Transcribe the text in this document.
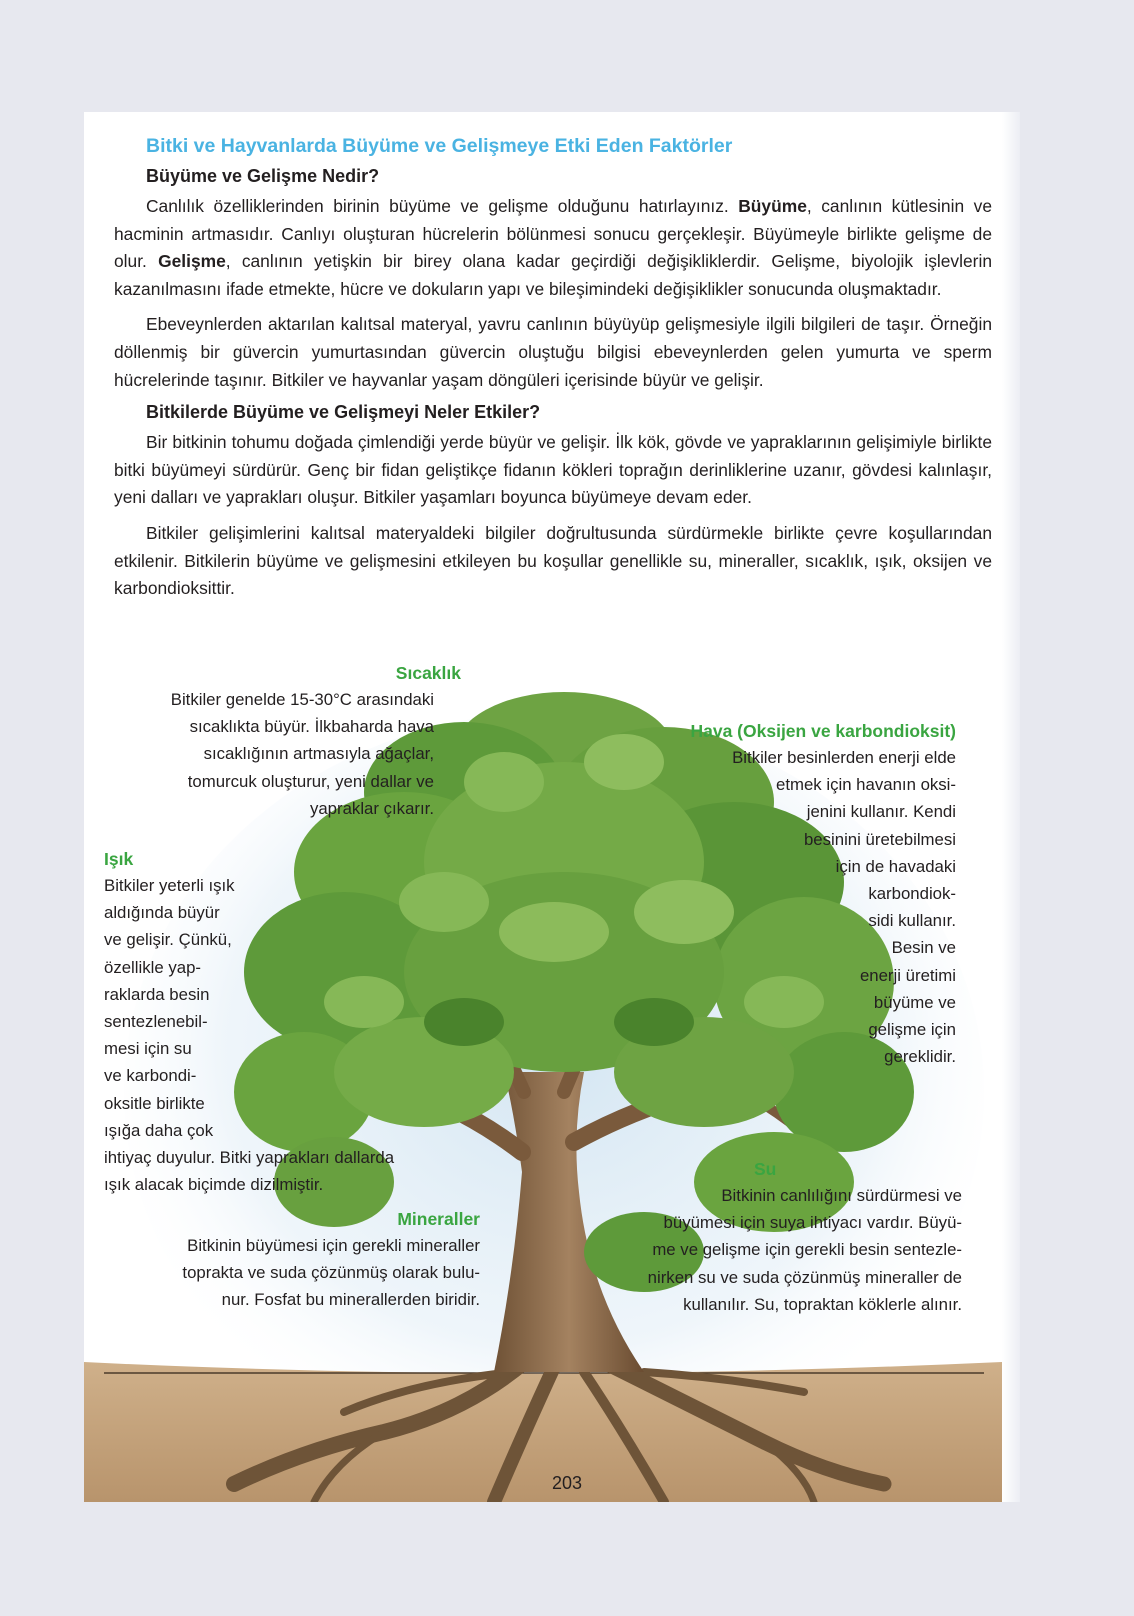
Bitki ve Hayvanlarda Büyüme ve Gelişmeye Etki Eden Faktörler
Büyüme ve Gelişme Nedir?

Canlılık özelliklerinden birinin büyüme ve gelişme olduğunu hatırlayınız. Büyüme, canlının kütlesinin ve hacminin artmasıdır. Canlıyı oluşturan hücrelerin bölünmesi sonucu gerçekleşir. Büyümeyle birlikte gelişme de olur. Gelişme, canlının yetişkin bir birey olana kadar geçirdiği değişikliklerdir. Gelişme, biyolojik işlevlerin kazanılmasını ifade etmekte, hücre ve dokuların yapı ve bileşimindeki değişiklikler sonucunda oluşmaktadır.

Ebeveynlerden aktarılan kalıtsal materyal, yavru canlının büyüyüp gelişmesiyle ilgili bilgileri de taşır. Örneğin döllenmiş bir güvercin yumurtasından güvercin oluştuğu bilgisi ebeveynlerden gelen yumurta ve sperm hücrelerinde taşınır. Bitkiler ve hayvanlar yaşam döngüleri içerisinde büyür ve gelişir.

Bitkilerde Büyüme ve Gelişmeyi Neler Etkiler?

Bir bitkinin tohumu doğada çimlendiği yerde büyür ve gelişir. İlk kök, gövde ve yapraklarının gelişimiyle birlikte bitki büyümeyi sürdürür. Genç bir fidan geliştikçe fidanın kökleri toprağın derinliklerine uzanır, gövdesi kalınlaşır, yeni dalları ve yaprakları oluşur. Bitkiler yaşamları boyunca büyümeye devam eder.

Bitkiler gelişimlerini kalıtsal materyaldeki bilgiler doğrultusunda sürdürmekle birlikte çevre koşullarından etkilenir. Bitkilerin büyüme ve gelişmesini etkileyen bu koşullar genellikle su, mineraller, sıcaklık, ışık, oksijen ve karbondioksittir.

Sıcaklık
Bitkiler genelde 15-30°C arasındaki
sıcaklıkta büyür. İlkbaharda hava
sıcaklığının artmasıyla ağaçlar,
tomurcuk oluşturur, yeni dallar ve
yapraklar çıkarır.
Hava (Oksijen ve karbondioksit)
Bitkiler besinlerden enerji elde
etmek için havanın oksi-
jenini kullanır. Kendi
besinini üretebilmesi
için de havadaki
karbondiok-
sidi kullanır.
Besin ve
enerji üretimi
büyüme ve
gelişme için
gereklidir.
Işık
Bitkiler yeterli ışık
aldığında büyür
ve gelişir. Çünkü,
özellikle yap-
raklarda besin
sentezlenebil-
mesi için su
ve karbondi-
oksitle birlikte
ışığa daha çok
ihtiyaç duyulur. Bitki yaprakları dallarda
ışık alacak biçimde dizilmiştir.
Su
Bitkinin canlılığını sürdürmesi ve
büyümesi için suya ihtiyacı vardır. Büyü-
me ve gelişme için gerekli besin sentezle-
nirken su ve suda çözünmüş mineraller de
kullanılır. Su, topraktan köklerle alınır.
Mineraller
Bitkinin büyümesi için gerekli mineraller
toprakta ve suda çözünmüş olarak bulu-
nur. Fosfat bu minerallerden biridir.
203
